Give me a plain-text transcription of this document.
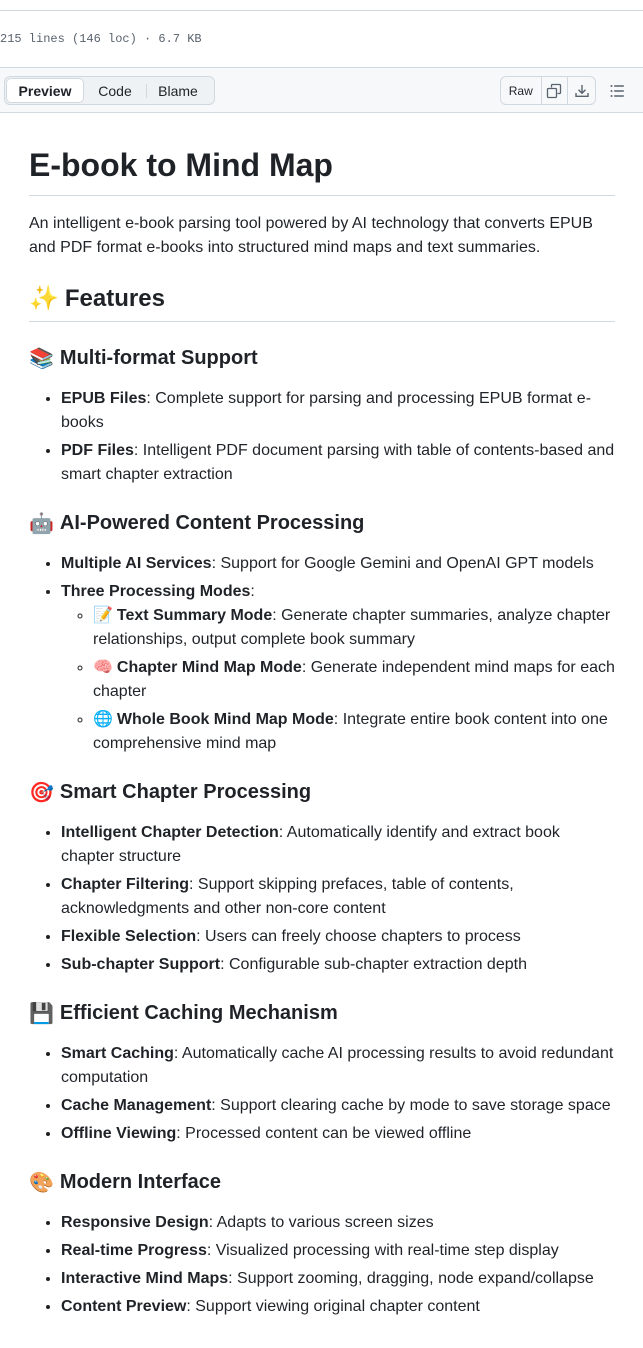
215 lines (146 loc) · 6.7 KB
Preview	Code	Blame	Raw
E-book to Mind Map

An intelligent e-book parsing tool powered by AI technology that converts EPUB and PDF format e-books into structured mind maps and text summaries.

✨ Features
📚 Multi-format Support
• EPUB Files: Complete support for parsing and processing EPUB format e-books
• PDF Files: Intelligent PDF document parsing with table of contents-based and smart chapter extraction
🤖 AI-Powered Content Processing
• Multiple AI Services: Support for Google Gemini and OpenAI GPT models
• Three Processing Modes:
◦ 📝 Text Summary Mode: Generate chapter summaries, analyze chapter relationships, output complete book summary
◦ 🧠 Chapter Mind Map Mode: Generate independent mind maps for each chapter
◦ 🌐 Whole Book Mind Map Mode: Integrate entire book content into one comprehensive mind map
🎯 Smart Chapter Processing
• Intelligent Chapter Detection: Automatically identify and extract book chapter structure
• Chapter Filtering: Support skipping prefaces, table of contents, acknowledgments and other non-core content
• Flexible Selection: Users can freely choose chapters to process
• Sub-chapter Support: Configurable sub-chapter extraction depth
💾 Efficient Caching Mechanism
• Smart Caching: Automatically cache AI processing results to avoid redundant computation
• Cache Management: Support clearing cache by mode to save storage space
• Offline Viewing: Processed content can be viewed offline
🎨 Modern Interface
• Responsive Design: Adapts to various screen sizes
• Real-time Progress: Visualized processing with real-time step display
• Interactive Mind Maps: Support zooming, dragging, node expand/collapse
• Content Preview: Support viewing original chapter content
